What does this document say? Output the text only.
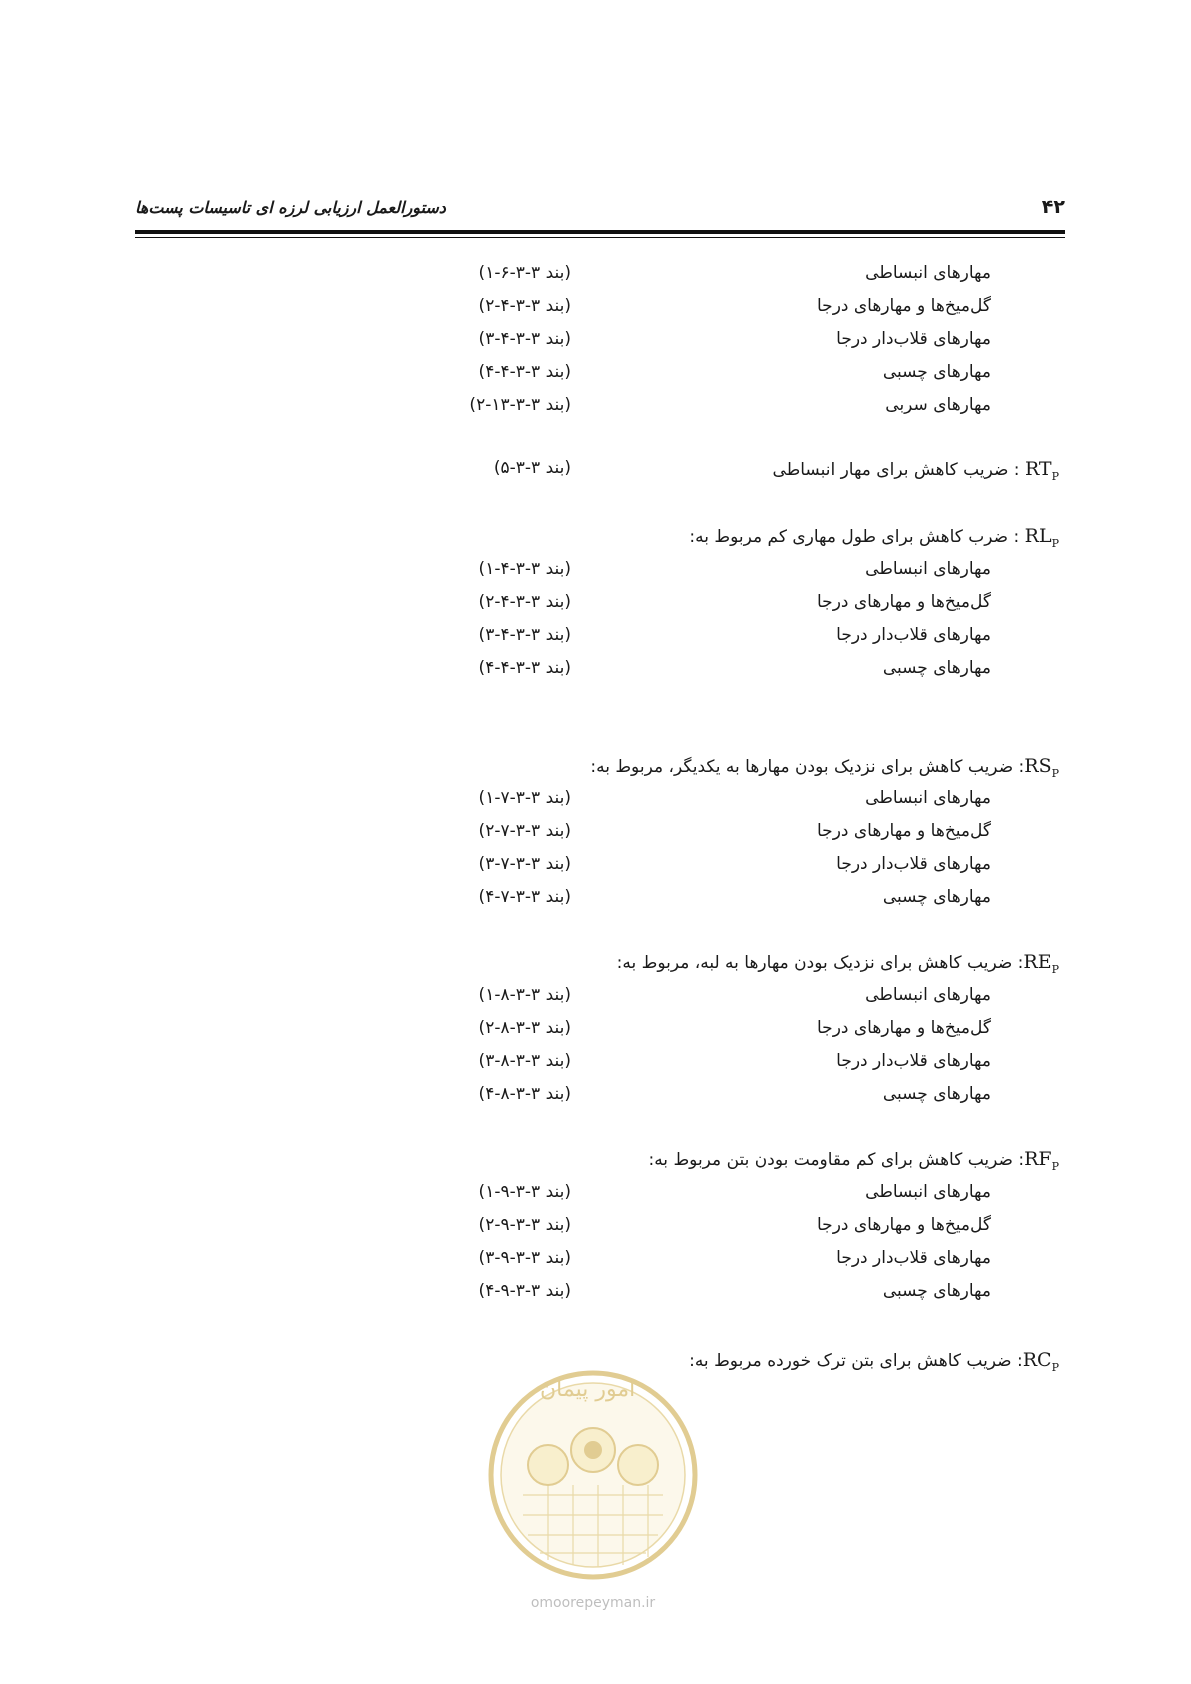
۴۲
دستورالعمل ارزیابی لرزه ای تاسیسات پست‌ها
مهارهای انبساطی
(بند ۳-۳-۶-۱)
گل‌میخ‌ها و مهارهای درجا
(بند ۳-۳-۴-۲)
مهارهای قلاب‌دار درجا
(بند ۳-۳-۴-۳)
مهارهای چسبی
(بند ۳-۳-۴-۴)
مهارهای سربی
(بند ۳-۳-۱۳-۲)
$RT_P$ : ضریب کاهش برای مهار انبساطی
(بند ۳-۳-۵)
$RL_P$ : ضرب کاهش برای طول مهاری کم مربوط به:
مهارهای انبساطی
(بند ۳-۳-۴-۱)
گل‌میخ‌ها و مهارهای درجا
(بند ۳-۳-۴-۲)
مهارهای قلاب‌دار درجا
(بند ۳-۳-۴-۳)
مهارهای چسبی
(بند ۳-۳-۴-۴)
$RS_P$: ضریب کاهش برای نزدیک بودن مهارها به یکدیگر، مربوط به:
مهارهای انبساطی
(بند ۳-۳-۷-۱)
گل‌میخ‌ها و مهارهای درجا
(بند ۳-۳-۷-۲)
مهارهای قلاب‌دار درجا
(بند ۳-۳-۷-۳)
مهارهای چسبی
(بند ۳-۳-۷-۴)
$RE_P$: ضریب کاهش برای نزدیک بودن مهارها به لبه، مربوط به:
مهارهای انبساطی
(بند ۳-۳-۸-۱)
گل‌میخ‌ها و مهارهای درجا
(بند ۳-۳-۸-۲)
مهارهای قلاب‌دار درجا
(بند ۳-۳-۸-۳)
مهارهای چسبی
(بند ۳-۳-۸-۴)
$RF_P$: ضریب کاهش برای کم مقاومت بودن بتن مربوط به:
مهارهای انبساطی
(بند ۳-۳-۹-۱)
گل‌میخ‌ها و مهارهای درجا
(بند ۳-۳-۹-۲)
مهارهای قلاب‌دار درجا
(بند ۳-۳-۹-۳)
مهارهای چسبی
(بند ۳-۳-۹-۴)
$RC_P$: ضریب کاهش برای بتن ترک خورده مربوط به:
امور پیمان
omoorepeyman.ir
